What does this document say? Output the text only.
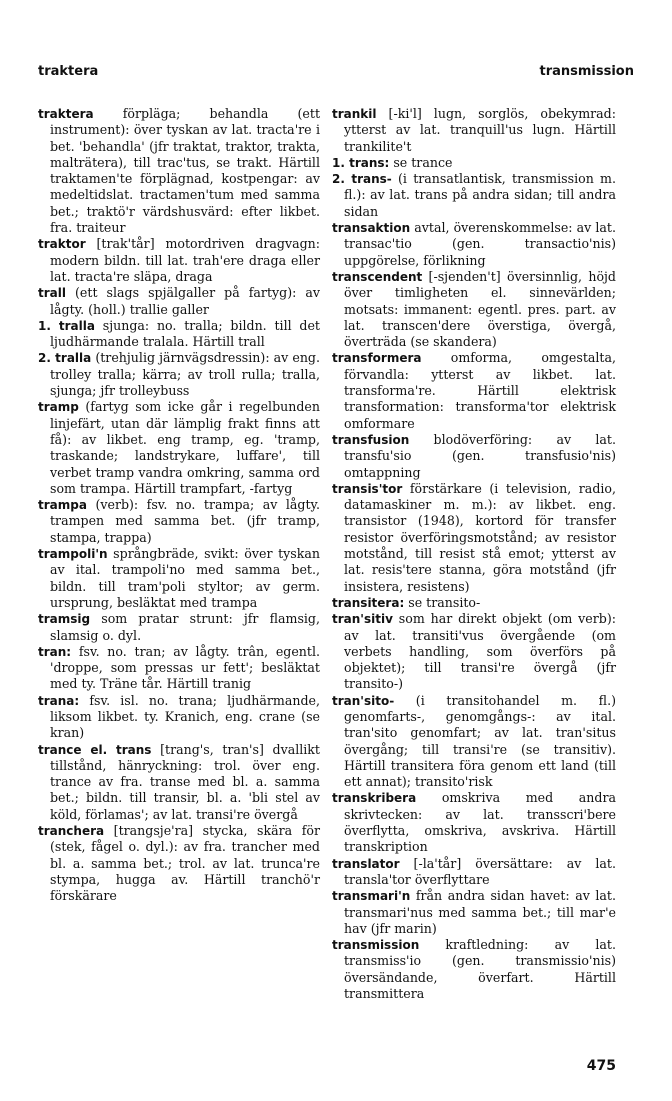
traktera	transmission

traktera förpläga; behandla (ett instrument): över tyskan av lat. tracta're i bet. 'behandla' (jfr traktat, traktor, trakta, malträtera), till trac'tus, se trakt. Härtill traktamen'te förplägnad, kostpengar: av medeltidslat. tractamen'tum med samma bet.; traktö'r värdshusvärd: efter likbet. fra. traiteur

traktor [trak'tår] motordriven dragvagn: modern bildn. till lat. trah'ere draga eller lat. tracta're släpa, draga

trall (ett slags spjälgaller på fartyg): av lågty. (holl.) trallie galler

1. tralla sjunga: no. tralla; bildn. till det ljudhärmande tralala. Härtill trall

2. tralla (trehjulig järnvägsdressin): av eng. trolley tralla; kärra; av troll rulla; tralla, sjunga; jfr trolleybuss

tramp (fartyg som icke går i regelbunden linjefärt, utan där lämplig frakt finns att få): av likbet. eng tramp, eg. 'tramp, traskande; landstrykare, luffare', till verbet tramp vandra omkring, samma ord som trampa. Härtill trampfart, -fartyg

trampa (verb): fsv. no. trampa; av lågty. trampen med samma bet. (jfr tramp, stampa, trappa)

trampoli'n språngbräde, svikt: över tyskan av ital. trampoli'no med samma bet., bildn. till tram'poli styltor; av germ. ursprung, besläktat med trampa

tramsig som pratar strunt: jfr flamsig, slamsig o. dyl.

tran: fsv. no. tran; av lågty. trân, egentl. 'droppe, som pressas ur fett'; besläktat med ty. Träne tår. Härtill tranig

trana: fsv. isl. no. trana; ljudhärmande, liksom likbet. ty. Kranich, eng. crane (se kran)

trance el. trans [trang's, tran's] dvallikt tillstånd, hänryckning: trol. över eng. trance av fra. transe med bl. a. samma bet.; bildn. till transir, bl. a. 'bli stel av köld, förlamas'; av lat. transi're övergå

tranchera [trangsje'ra] stycka, skära för (stek, fågel o. dyl.): av fra. trancher med bl. a. samma bet.; trol. av lat. trunca're stympa, hugga av. Härtill tranchö'r förskärare

trankil [-ki'l] lugn, sorglös, obekymrad: ytterst av lat. tranquill'us lugn. Härtill trankilite't

1. trans: se trance

2. trans- (i transatlantisk, transmission m. fl.): av lat. trans på andra sidan; till andra sidan

transaktion avtal, överenskommelse: av lat. transac'tio (gen. transactio'nis) uppgörelse, förlikning

transcendent [-sjenden't] översinnlig, höjd över timligheten el. sinnevärlden; motsats: immanent: egentl. pres. part. av lat. transcen'dere överstiga, övergå, överträda (se skandera)

transformera omforma, omgestalta, förvandla: ytterst av likbet. lat. transforma're. Härtill elektrisk transformation: transforma'tor elektrisk omformare

transfusion blodöverföring: av lat. transfu'sio (gen. transfusio'nis) omtappning

transis'tor förstärkare (i television, radio, datamaskiner m. m.): av likbet. eng. transistor (1948), kortord för transfer resistor överföringsmotstånd; av resistor motstånd, till resist stå emot; ytterst av lat. resis'tere stanna, göra motstånd (jfr insistera, resistens)

transitera: se transito-

tran'sitiv som har direkt objekt (om verb): av lat. transiti'vus övergående (om verbets handling, som överförs på objektet); till transi're övergå (jfr transito-)

tran'sito- (i transitohandel m. fl.) genomfarts-, genomgångs-: av ital. tran'sito genomfart; av lat. tran'situs övergång; till transi're (se transitiv). Härtill transitera föra genom ett land (till ett annat); transito'risk

transkribera omskriva med andra skrivtecken: av lat. transscri'bere överflytta, omskriva, avskriva. Härtill transkription

translator [-la'tår] översättare: av lat. transla'tor överflyttare

transmari'n från andra sidan havet: av lat. transmari'nus med samma bet.; till mar'e hav (jfr marin)

transmission kraftledning: av lat. transmiss'io (gen. transmissio'nis) översändande, överfart. Härtill transmittera

475
